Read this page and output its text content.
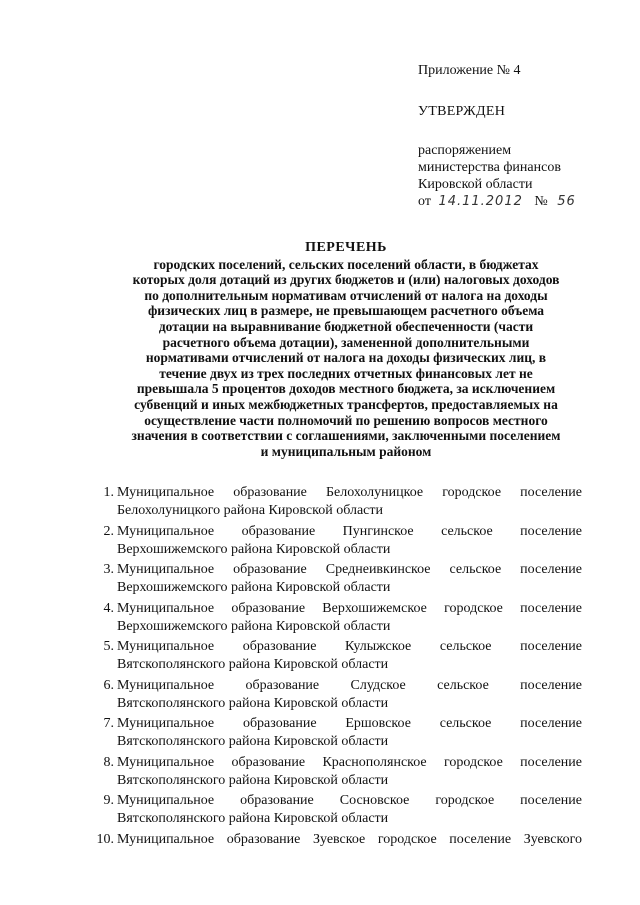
Приложение № 4

УТВЕРЖДЕН

распоряжением

министерства финансов

Кировской области

от 14.11.2012 № 56

ПЕРЕЧЕНЬ
городских поселений, сельских поселений области, в бюджетах
которых доля дотаций из других бюджетов и (или) налоговых доходов
по дополнительным нормативам отчислений от налога на доходы
физических лиц в размере, не превышающем расчетного объема
дотации на выравнивание бюджетной обеспеченности (части
расчетного объема дотации), замененной дополнительными
нормативами отчислений от налога на доходы физических лиц, в
течение двух из трех последних отчетных финансовых лет не
превышала 5 процентов доходов местного бюджета, за исключением
субвенций и иных межбюджетных трансфертов, предоставляемых на
осуществление части полномочий по решению вопросов местного
значения в соответствии с соглашениями, заключенными поселением
и муниципальным районом
1. Муниципальное образование Белохолуницкое городское поселение
Белохолуницкого района Кировской области
2. Муниципальное образование Пунгинское сельское поселение
Верхошижемского района Кировской области
3. Муниципальное образование Среднеивкинское сельское поселение
Верхошижемского района Кировской области
4. Муниципальное образование Верхошижемское городское поселение
Верхошижемского района Кировской области
5. Муниципальное образование Кулыжское сельское поселение
Вятскополянского района Кировской области
6. Муниципальное образование Слудское сельское поселение
Вятскополянского района Кировской области
7. Муниципальное образование Ершовское сельское поселение
Вятскополянского района Кировской области
8. Муниципальное образование Краснополянское городское поселение
Вятскополянского района Кировской области
9. Муниципальное образование Сосновское городское поселение
Вятскополянского района Кировской области
10. Муниципальное образование Зуевское городское поселение Зуевского
